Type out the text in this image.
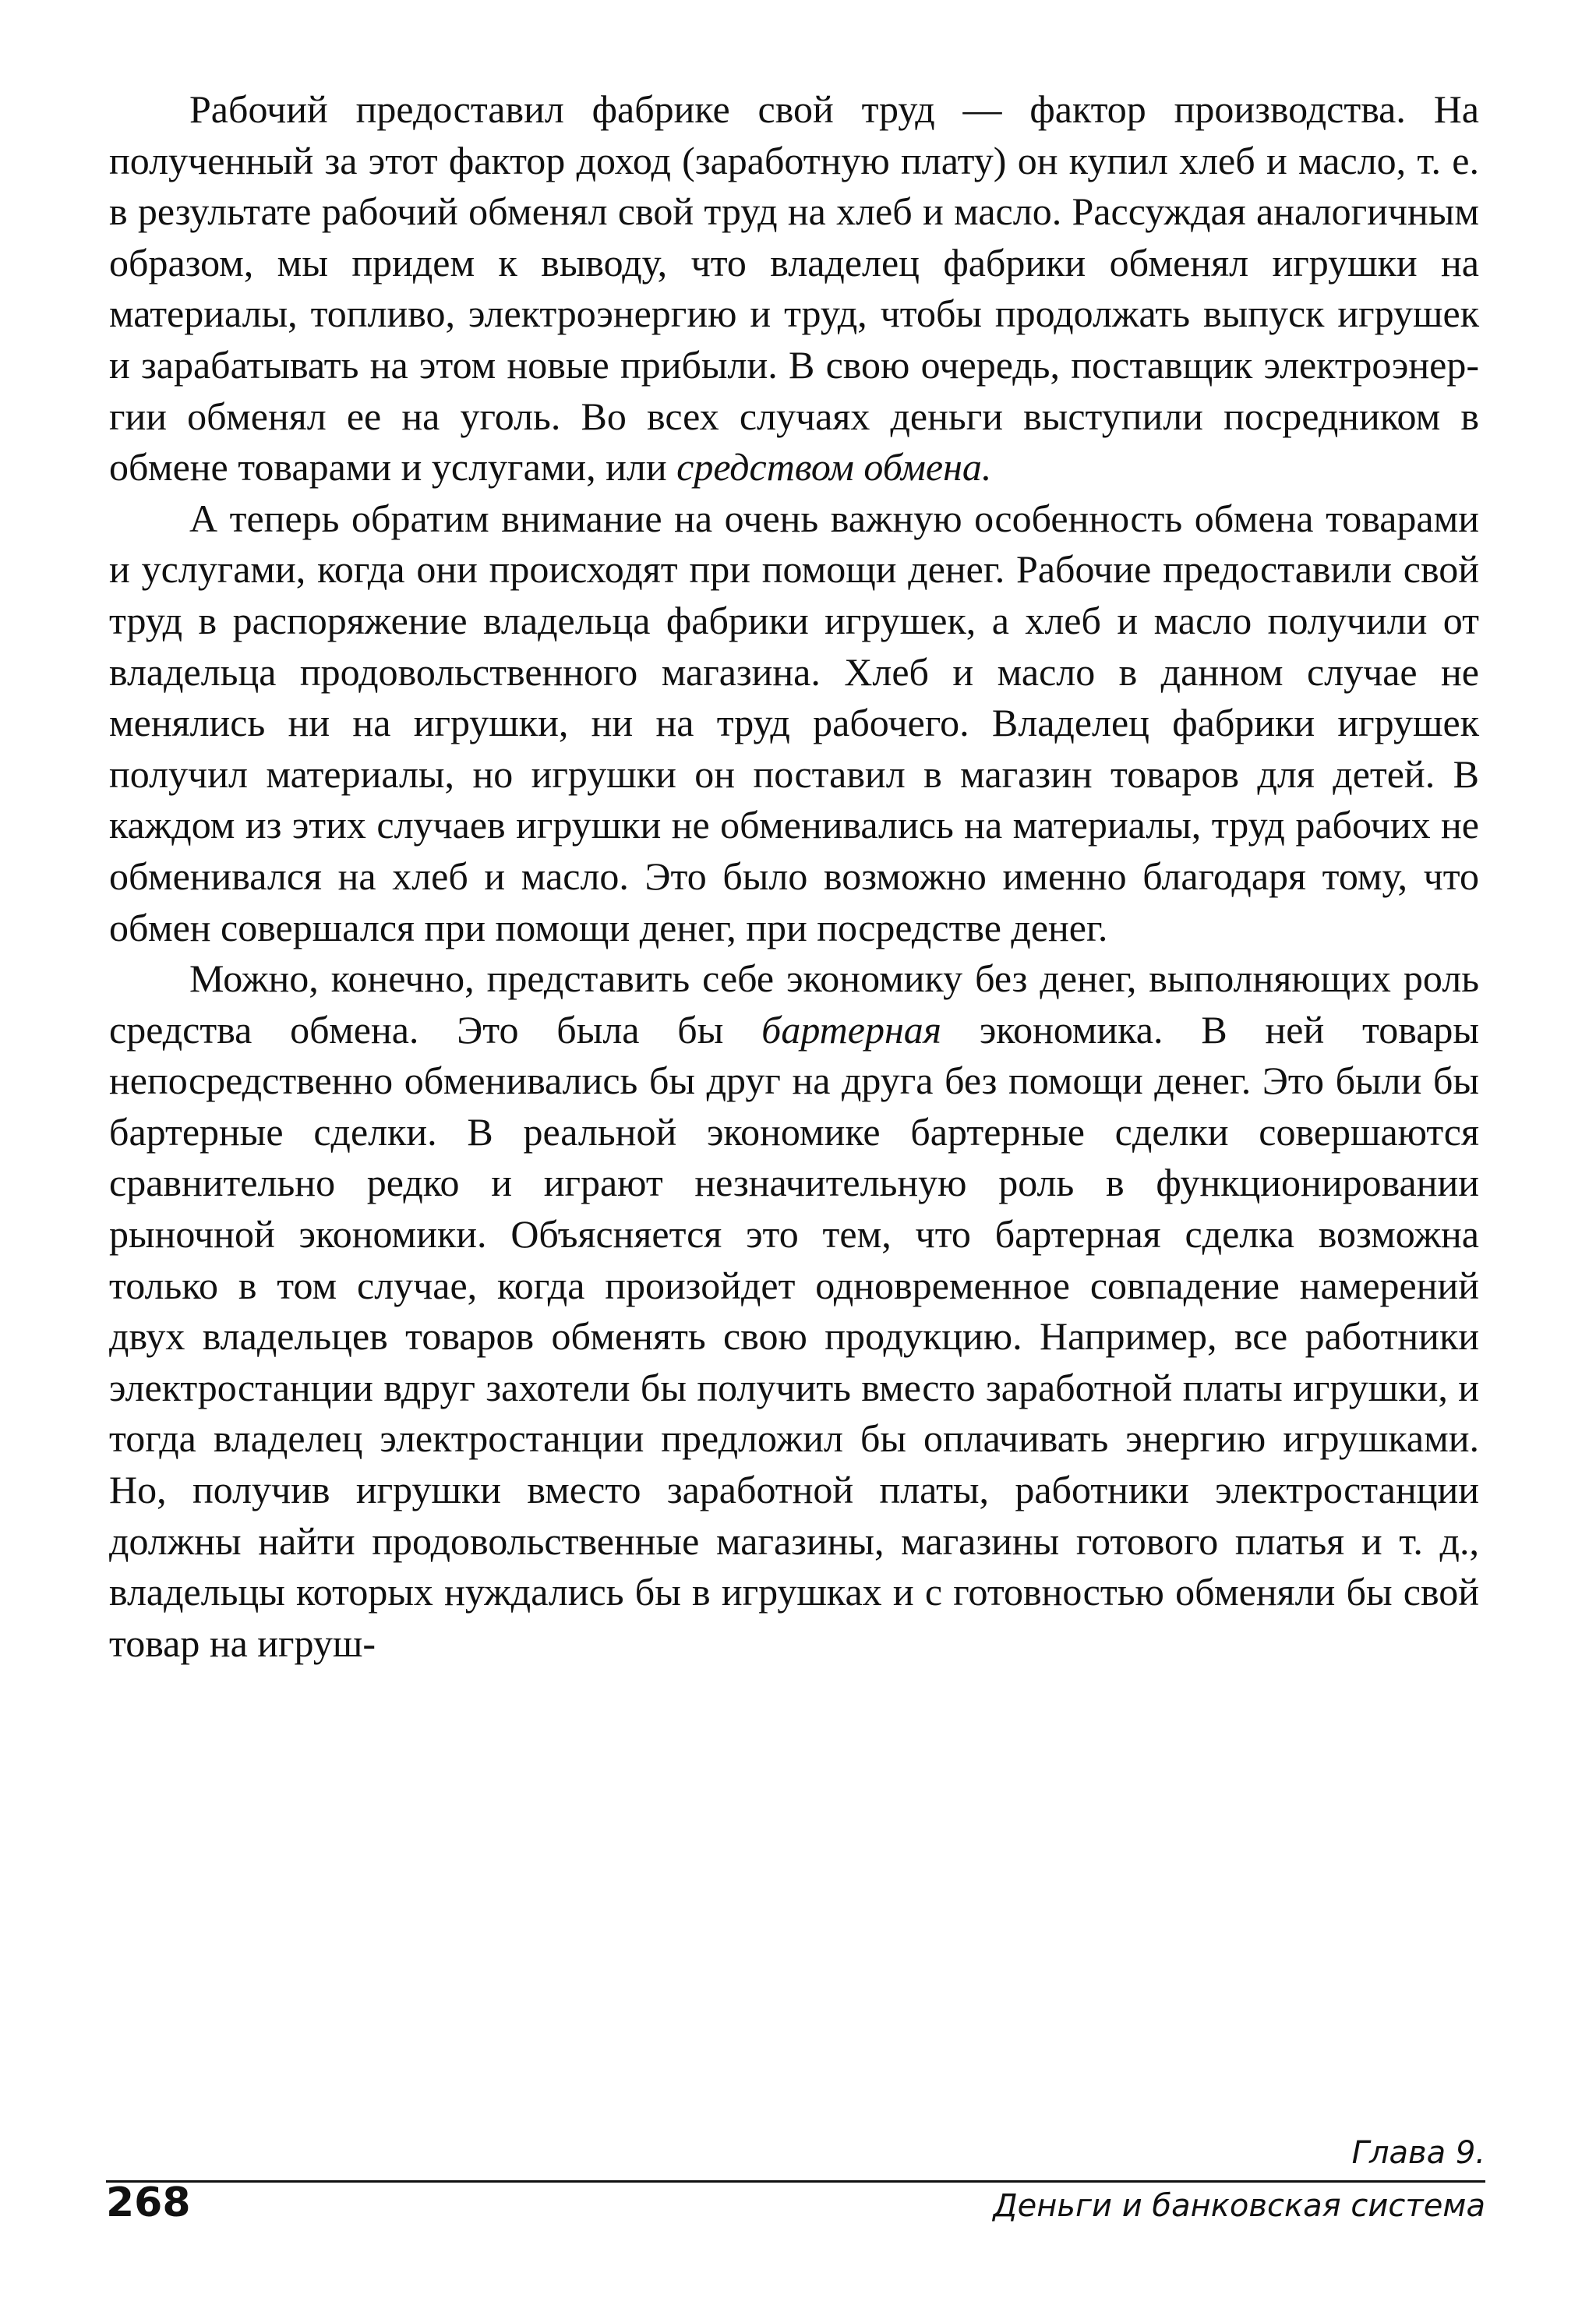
Рабочий предоставил фабрике свой труд — фактор производства. На полученный за этот фактор доход (заработную плату) он купил хлеб и масло, т. е. в результате рабочий обменял свой труд на хлеб и масло. Рассуждая аналогичным образом, мы придем к выводу, что владелец фабрики обменял игрушки на материалы, топливо, электроэнергию и труд, чтобы продолжать выпуск игрушек и зарабатывать на этом новые прибыли. В свою очередь, поставщик электроэнергии обменял ее на уголь. Во всех случаях деньги выступили посредником в обмене товарами и услугами, или средством обмена.

А теперь обратим внимание на очень важную особенность обмена товарами и услугами, когда они происходят при помощи денег. Рабочие предоставили свой труд в распоряжение владельца фабрики игрушек, а хлеб и масло получили от владельца продовольственного магазина. Хлеб и масло в данном случае не менялись ни на игрушки, ни на труд рабочего. Владелец фабрики игрушек получил материалы, но игрушки он поставил в магазин товаров для детей. В каждом из этих случаев игрушки не обменивались на материалы, труд рабочих не обменивался на хлеб и масло. Это было возможно именно благодаря тому, что обмен совершался при помощи денег, при посредстве денег.

Можно, конечно, представить себе экономику без денег, выполняющих роль средства обмена. Это была бы бартерная экономика. В ней товары непосредственно обменивались бы друг на друга без помощи денег. Это были бы бартерные сделки. В реальной экономике бартерные сделки совершаются сравнительно редко и играют незначительную роль в функционировании рыночной экономики. Объясняется это тем, что бартерная сделка возможна только в том случае, когда произойдет одновременное совпадение намерений двух владельцев товаров обменять свою продукцию. Например, все работники электростанции вдруг захотели бы получить вместо заработной платы игрушки, и тогда владелец электростанции предложил бы оплачивать энергию игрушками. Но, получив игрушки вместо заработной платы, работники электростанции должны найти продовольственные магазины, магазины готового платья и т. д., владельцы которых нуждались бы в игрушках и с готовностью обменяли бы свой товар на игруш-

Глава 9.
268	Деньги и банковская система
